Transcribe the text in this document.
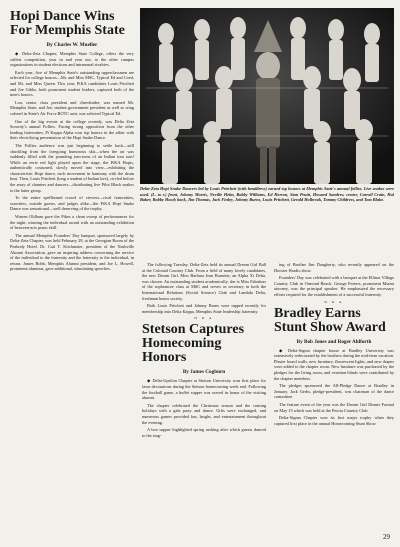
Hopi Dance Wins For Memphis State
By Charles W. Mueller

◆ Delta-Zeta Chapter, Memphis State College, offers the very stiffest competition, year in and year out, to the other campus organizations in student elections and intramural rivalries.

Each year, five of Memphis State's outstanding upperclassmen are selected for college honors—Mr. and Miss MSC, Typical Ed and Coed, and Mr. and Miss Queen. This year, PiKA candidates Louis Pritchett and Joe Gibbs, both prominent student leaders, captured both of the men's honors.

Lou, senior class president and cheerleader, was named Mr. Memphis State; and Joe, student government president as well as wing colonel in State's Air Force ROTC unit, was selected Typical Ed.

One of the big events at the college recently, was Delta Zeta Sorority's annual Follies. Facing strong opposition from the other leading fraternities, Pi Kappa Alpha won top honors in the affair with their electrifying presentation of the Hopi Snake Dance.

The Follies audience was just beginning to settle back—still chuckling from the foregoing humorous skit—when the air was suddenly filled with the pounding tom-toms of an Indian tom tom! While an eerie red light played upon the stage, the PiKA Hopis, authentically costumed, slowly moved into view—exhibiting the characteristic Hopi dance, each movement in harmony with the drum beat. Then, Louis Pritchett (long a student of Indian lore), circled before the array of chanters and dancers—distributing live Pilot Black snakes to the latter group.

To the entire spellbound crowd of viewers—rival fraternities, sororities, outside guests, and judges alike—the PiKA Hopi Snake Dance was sensational—well deserving of the trophy.

Warren Oldham gave the Pikes a clean sweep of performances for the night, winning the individual award with an outstanding exhibition of between-acts piano skill.

The annual Memphis Founders' Day banquet, sponsored largely by Delta-Zeta Chapter, was held February 28, at the Georgian Room of the Peabody Hotel. Dr. Carl T. Kitchmaier, president of the Nashville Alumni Association, gave an inspiring address concerning the service of the individual to the fraternity and the fraternity to the individual, in return. James Bobb, Memphis Alumni president, and Joe L. Howell, prominent alumnus, gave additional, stimulating speeches.

Delta-Zeta Hopi Snake Dancers led by Louis Pritchett (with headdress) earned top honors at Memphis State's annual follies. Live snakes were used. (L. to r.) front, Johnny Morris, Neville Helm, Bobby Williams, Ed Herron, Stan Pruitt, Howard Sanders; center, Carroll Crain, Hal Baker, Bobby Hood; back, Jim Thomas, Jack Finley, Johnny Burns, Louis Pritchett, Gerald Holbrook, Tommy Childress, and Tom Blake.

The following Tuesday, Delta-Zeta held its annual Dream Girl Ball at the Colonial Country Club. From a field of many lovely candidates, the new Dream Girl, Miss Barbara Jean Burnette, an Alpha Xi Delta, was chosen. An outstanding student academically, she is Miss Fabulous of the sophomore class at MSC and serves as secretary in both the International Relations (Social Science) Club and Lambda Delta, freshman honor society.

Both Louis Pritchett and Johnny Burns were tapped recently for membership into Delta Kappa, Memphis State leadership fraternity.

D K A
Stetson Captures Homecoming Honors
By James Cogburn

◆ Delta-Upsilon Chapter at Stetson University won first place for lawn decorations during the Stetson homecoming week end. Following the football game, a buffet supper was served in honor of the visiting alumni.

The chapter celebrated the Christmas season and the coming holidays with a gala party and dance. Gifts were exchanged, and numerous games provided fun, laughs, and entertainment throughout the evening.

A box supper highlighted spring rushing after which guests danced to the sing-

ing of Brother Jim Daugherty, who recently appeared on the Hoosier Hradio show.

Founders' Day was celebrated with a banquet at the Ellinor Village Country Club in Ormond Beach. George Feeters, prominent Miami attorney, was the principal speaker. He emphasized the necessary efforts required for the establishment of a successful fraternity.

D K A
Bradley Earns Stunt Show Award
By Bob Jones and Roger Ahlforth

◆ Delta-Sigma chapter house at Bradley University was extensively redecorated by the brothers during the mid-term vacation. Plaster board walls, new furniture, fluorescent lights, and new drapes were added to the chapter room. New furniture was purchased by the pledges for the living room, and venetian blinds were contributed by the chapter members.

The pledges sponsored the All-Pledge Dance at Bradley in January. Jack Gerbs, pledge-president, was chairman of the dance committee.

The feature event of the year was the Dream Girl Dinner Formal on May 15 which was held at the Peoria Country Club.

Delta-Sigma Chapter won its first major trophy when they captured first place in the annual Homecoming Stunt Show.

29
